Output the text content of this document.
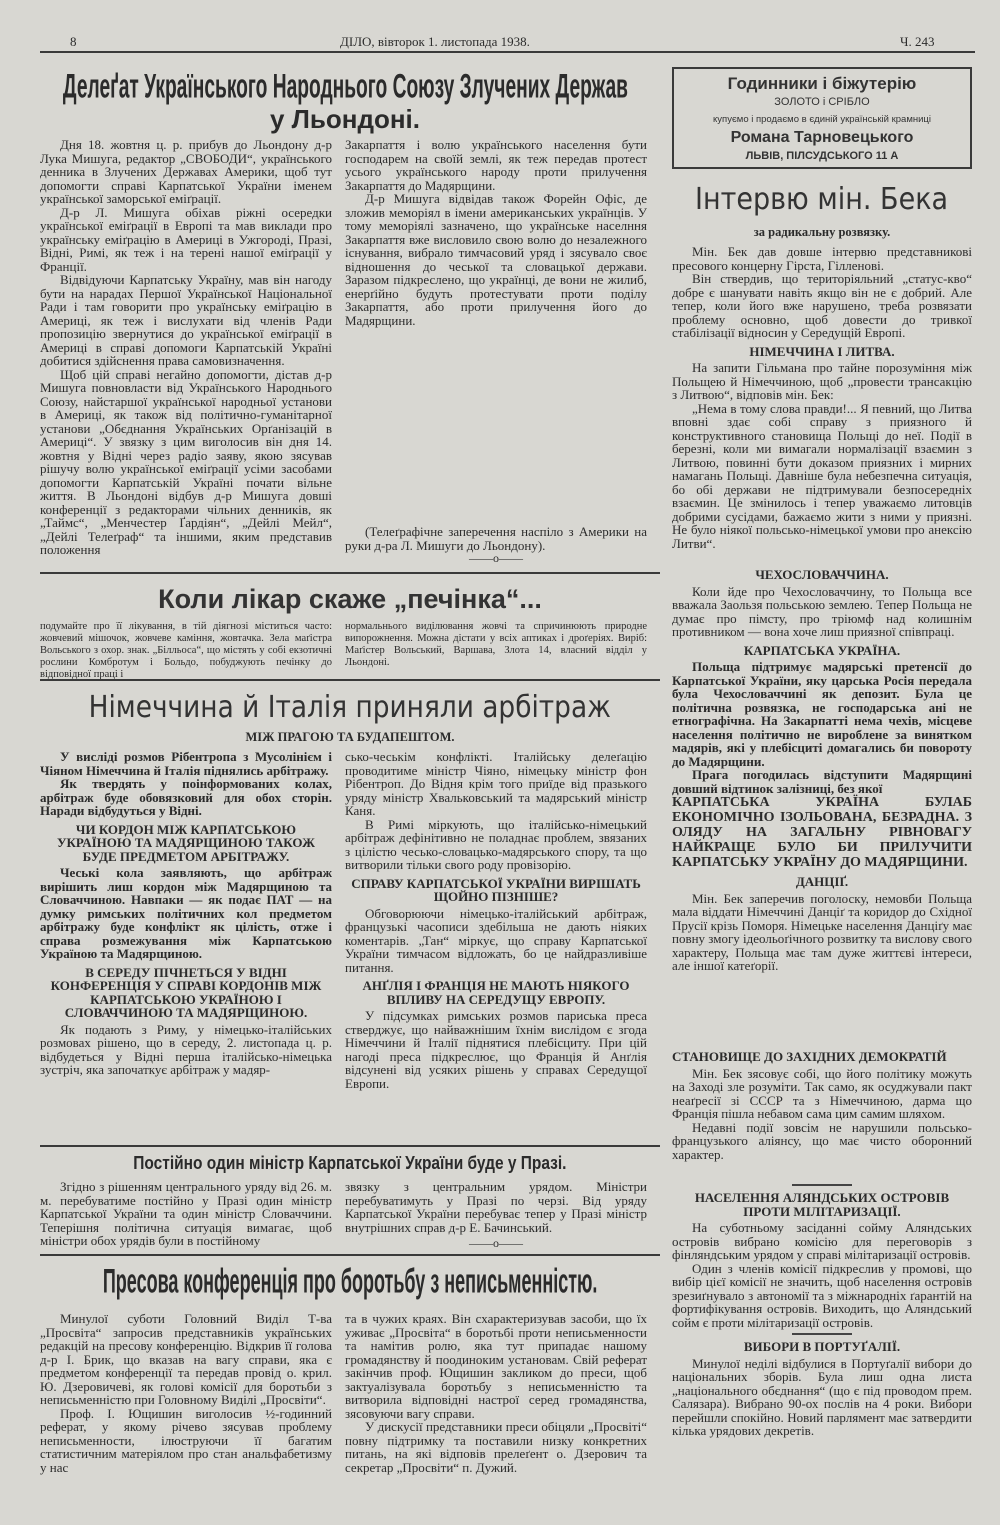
8	ДІЛО, вівторок 1. листопада 1938.	Ч. 243
Делеґат Українського Народнього Союзу Злучених Держав
у Льондоні.

Дня 18. жовтня ц. р. прибув до Льондону д-р Лука Мишуга, редактор „СВОБОДИ“, українського денника в Злучених Державах Америки, щоб тут допомогти справі Карпатської України іменем української заморської еміґрації.

Д-р Л. Мишуга обіхав ріжні осередки української еміґрації в Европі та мав виклади про українську еміґрацію в Америці в Ужгороді, Празі, Відні, Римі, як теж і на терені нашої еміґрації у Франції.

Відвідуючи Карпатську Україну, мав він нагоду бути на нарадах Першої Української Національної Ради і там говорити про українську еміґрацію в Америці, як теж і вислухати від членів Ради пропозицію звернутися до української еміґрації в Америці в справі допомоги Карпатській Україні добитися здійснення права самовизначення.

Щоб цій справі негайно допомогти, дістав д-р Мишуга повновласти від Українського Народнього Союзу, найстаршої української народньої установи в Америці, як також від політично-гуманітарної установи „Обєднання Українських Орґанізацій в Америці“. У звязку з цим виголосив він дня 14. жовтня у Відні через радіо заяву, якою зясував рішучу волю української еміґрації усіми засобами допомогти Карпатській Україні почати вільне життя. В Льондоні відбув д-р Мишуга довші конференції з редакторами чільних денників, як „Таймс“, „Менчестер Ґардіян“, „Дейлі Мейл“, „Дейлі Телеґраф“ та іншими, яким представив положення

Закарпаття і волю українського населення бути господарем на своїй землі, як теж передав протест усього українського народу проти прилучення Закарпаття до Мадярщини.

Д-р Мишуга відвідав також Форейн Офіс, де зложив меморіял в імени американських українців. У тому меморіялі зазначено, що українське населння Закарпаття вже висловило свою волю до незалежного існування, вибрало тимчасовий уряд і зясувало своє відношення до чеської та словацької держави. Заразом підкреслено, що українці, де вони не жилиб, енерґійно будуть протестувати проти поділу Закарпаття, або проти прилучення його до Мадярщини.

(Телеґрафічне заперечення наспіло з Америки на руки д-ра Л. Мишуги до Льондону).

——o——
Годинники і біжутерію
ЗОЛОТО і СРІБЛО
купуємо і продаємо в єдиній українській крамниці
Романа Тарновецького
ЛЬВІВ, ПІЛСУДСЬКОГО 11 А
Коли лікар скаже „печінка“...
подумайте про її лікування, в тій діягнозі міститься часто: жовчевий мішочок, жовчеве каміння, жовтачка. Зела маґістра Вольського з охор. знак. „Білльоса“, що містять у собі екзотичні рослини Комбротум і Больдо, побуджують печінку до відповідної праці і
нормальнього виділювання жовчі та спричинюють природне випорожнення. Можна дістати у всіх аптиках і дроґеріях. Виріб: Маґістер Вольський, Варшава, Злота 14, власний відділ у Льондоні.
Німеччина й Італія приняли арбітраж
МІЖ ПРАГОЮ ТА БУДАПЕШТОМ.

У висліді розмов Рібентропа з Мусолінієм і Чіяном Німеччина й Італія піднялись арбітражу.

Як твердять у поінформованих колах, арбітраж буде обовязковий для обох сторін. Наради відбудуться у Відні.

ЧИ КОРДОН МІЖ КАРПАТСЬКОЮ УКРАЇНОЮ ТА МАДЯРЩИНОЮ ТАКОЖ БУДЕ ПРЕДМЕТОМ АРБІТРАЖУ.

Чеські кола заявляють, що арбітраж вирішить лиш кордон між Мадярщиною та Словаччиною. Навпаки — як подає ПАТ — на думку римських політичних кол предметом арбітражу буде конфлікт як цілість, отже і справа розмежування між Карпатською Україною та Мадярщиною.

В СЕРЕДУ ПІЧНЕТЬСЯ У ВІДНІ КОНФЕРЕНЦІЯ У СПРАВІ КОРДОНІВ МІЖ КАРПАТСЬКОЮ УКРАЇНОЮ І СЛОВАЧЧИНОЮ ТА МАДЯРЩИНОЮ.

Як подають з Риму, у німецько-італійських розмовах рішено, що в середу, 2. листопада ц. р. відбудеться у Відні перша італійсько-німецька зустріч, яка започаткує арбітраж у мадяр-

сько-чеськім конфлікті. Італійську делеґацію проводитиме міністр Чіяно, німецьку міністр фон Рібентроп. До Відня крім того приїде від празького уряду міністр Хвальковський та мадярський міністр Каня.

В Римі міркують, що італійсько-німецький арбітраж дефінітивно не поладнає проблем, звязаних з цілістю чесько-словацько-мадярського спору, та що витворили тільки свого роду провізорію.

СПРАВУ КАРПАТСЬКОЇ УКРАЇНИ ВИРІШАТЬ ЩОЙНО ПІЗНІШЕ?

Обговорюючи німецько-італійський арбітраж, французькі часописи здебільша не дають ніяких коментарів. „Тан“ міркує, що справу Карпатської України тимчасом відложать, бо це найдразливіше питання.

АНҐЛІЯ І ФРАНЦІЯ НЕ МАЮТЬ НІЯКОГО ВПЛИВУ НА СЕРЕДУЩУ ЕВРОПУ.

У підсумках римських розмов париська преса стверджує, що найважнішим їхнім вислідом є згода Німеччини й Італії піднятися плебісциту. При цій нагоді преса підкреслює, що Франція й Анґлія відсунені від усяких рішень у справах Середущої Европи.

Постійно один міністр Карпатської України буде у Празі.
Згідно з рішенням центрального уряду від 26. м. м. перебуватиме постійно у Празі один міністр Карпатської України та один міністр Словаччини. Теперішня політична ситуація вимагає, щоб міністри обох урядів були в постійному
звязку з центральним урядом. Міністри перебуватимуть у Празі по черзі. Від уряду Карпатської України перебуває тепер у Празі міністр внутрішних справ д-р Е. Бачинський.
——o——
Пресова конференція про боротьбу з неписьменністю.

Минулої суботи Головний Виділ Т-ва „Просвіта“ запросив представників українських редакцій на пресову конференцію. Відкрив її голова д-р І. Брик, що вказав на вагу справи, яка є предметом конференції та передав провід о. крил. Ю. Дзеровичеві, як голові комісії для боротьби з неписьменністю при Головному Виділі „Просвіти“.

Проф. І. Ющишин виголосив ½-годинний реферат, у якому річево зясував проблему неписьменности, ілюструючи її багатим статистичним матеріялом про стан анальфабетизму у нас

та в чужих краях. Він схарактеризував засоби, що їх уживає „Просвіта“ в боротьбі проти неписьменности та намітив ролю, яка тут припадає нашому громадянству й поодиноким установам. Свій реферат закінчив проф. Ющишин закликом до преси, щоб зактуалізувала боротьбу з неписьменністю та витворила відповідні настрої серед громадянства, зясовуючи вагу справи.

У дискусії представники преси обіцяли „Просвіті“ повну підтримку та поставили низку конкретних питань, на які відповів прелеґент о. Дзерович та секретар „Просвіти“ п. Дужий.

Інтервю мін. Бека
за радикальну розвязку.

Мін. Бек дав довше інтервю представникові пресового концерну Гірста, Гілленові.

Він ствердив, що територіяльний „статус-кво“ добре є шанувати навіть якщо він не є добрий. Але тепер, коли його вже нарушено, треба розвязати проблему основно, щоб довести до тривкої стабілізації відносин у Середущій Европі.

НІМЕЧЧИНА І ЛИТВА.

На запити Гільмана про тайне порозуміння між Польщею й Німеччиною, щоб „провести трансакцію з Литвою“, відповів мін. Бек:

„Нема в тому слова правди!... Я певний, що Литва вповні здає собі справу з приязного й конструктивного становища Польщі до неї. Події в березні, коли ми вимагали нормалізації взаємин з Литвою, повинні бути доказом приязних і мирних намагань Польщі. Давніше була небезпечна ситуація, бо обі держави не підтримували безпосередніх взаємин. Це змінилось і тепер уважаємо литовців добрими сусідами, бажаємо жити з ними у приязні. Не було ніякої польсько-німецької умови про анексію Литви“.

ЧЕХОСЛОВАЧЧИНА.

Коли йде про Чехословаччину, то Польща все вважала Заользя польською землею. Тепер Польща не думає про пімсту, про тріюмф над колишнім противником — вона хоче лиш приязної співпраці.

КАРПАТСЬКА УКРАЇНА.

Польща підтримує мадярські претенсії до Карпатської України, яку царська Росія передала була Чехословаччині як депозит. Була це політична розвязка, не господарська ані не етнографічна. На Закарпатті нема чехів, місцеве населення політично не вироблене за винятком мадярів, які у плебісциті домагались би повороту до Мадярщини.

Прага погодилась відступити Мадярщині довший відтинок залізниці, без якої

КАРПАТСЬКА УКРАЇНА БУЛАБ ЕКОНОМІЧНО ІЗОЛЬОВАНА, БЕЗРАДНА. З ОЛЯДУ НА ЗАГАЛЬНУ РІВНОВАГУ НАЙКРАЩЕ БУЛО БИ ПРИЛУЧИТИ КАРПАТСЬКУ УКРАЇНУ ДО МАДЯРЩИНИ.

ДАНЦІҐ.

Мін. Бек заперечив поголоску, немовби Польща мала віддати Німеччині Данціґ та коридор до Східної Прусії крізь Поморя. Німецьке населення Данціґу має повну змогу ідеольоґічного розвитку та вислову свого характеру, Польща має там дуже життєві інтереси, але іншої катеґорії.

СТАНОВИЩЕ ДО ЗАХІДНИХ ДЕМОКРАТІЙ

Мін. Бек зясовує собі, що його політику можуть на Заході зле розуміти. Так само, як осуджували пакт неаґресії зі СССР та з Німеччиною, дарма що Франція пішла небавом сама цим самим шляхом.

Недавні події зовсім не нарушили польсько-французького аліянсу, що має чисто оборонний характер.

НАСЕЛЕННЯ АЛЯНДСЬКИХ ОСТРОВІВ ПРОТИ МІЛІТАРИЗАЦІЇ.

На суботньому засіданні сойму Аляндських островів вибрано комісію для переговорів з фінляндським урядом у справі мілітаризації островів.

Один з членів комісії підкреслив у промові, що вибір цієї комісії не значить, щоб населення островів зрезиґнувало з автономії та з міжнародніх ґарантій на фортифікування островів. Виходить, що Аляндський сойм є проти мілітаризації островів.

ВИБОРИ В ПОРТУҐАЛІЇ.

Минулої неділі відбулися в Портуґалії вибори до національних зборів. Була лиш одна листа „національного обєднання“ (що є під проводом прем. Салязара). Вибрано 90-ох послів на 4 роки. Вибори перейшли спокійно. Новий парлямент має затвердити кілька урядових декретів.
